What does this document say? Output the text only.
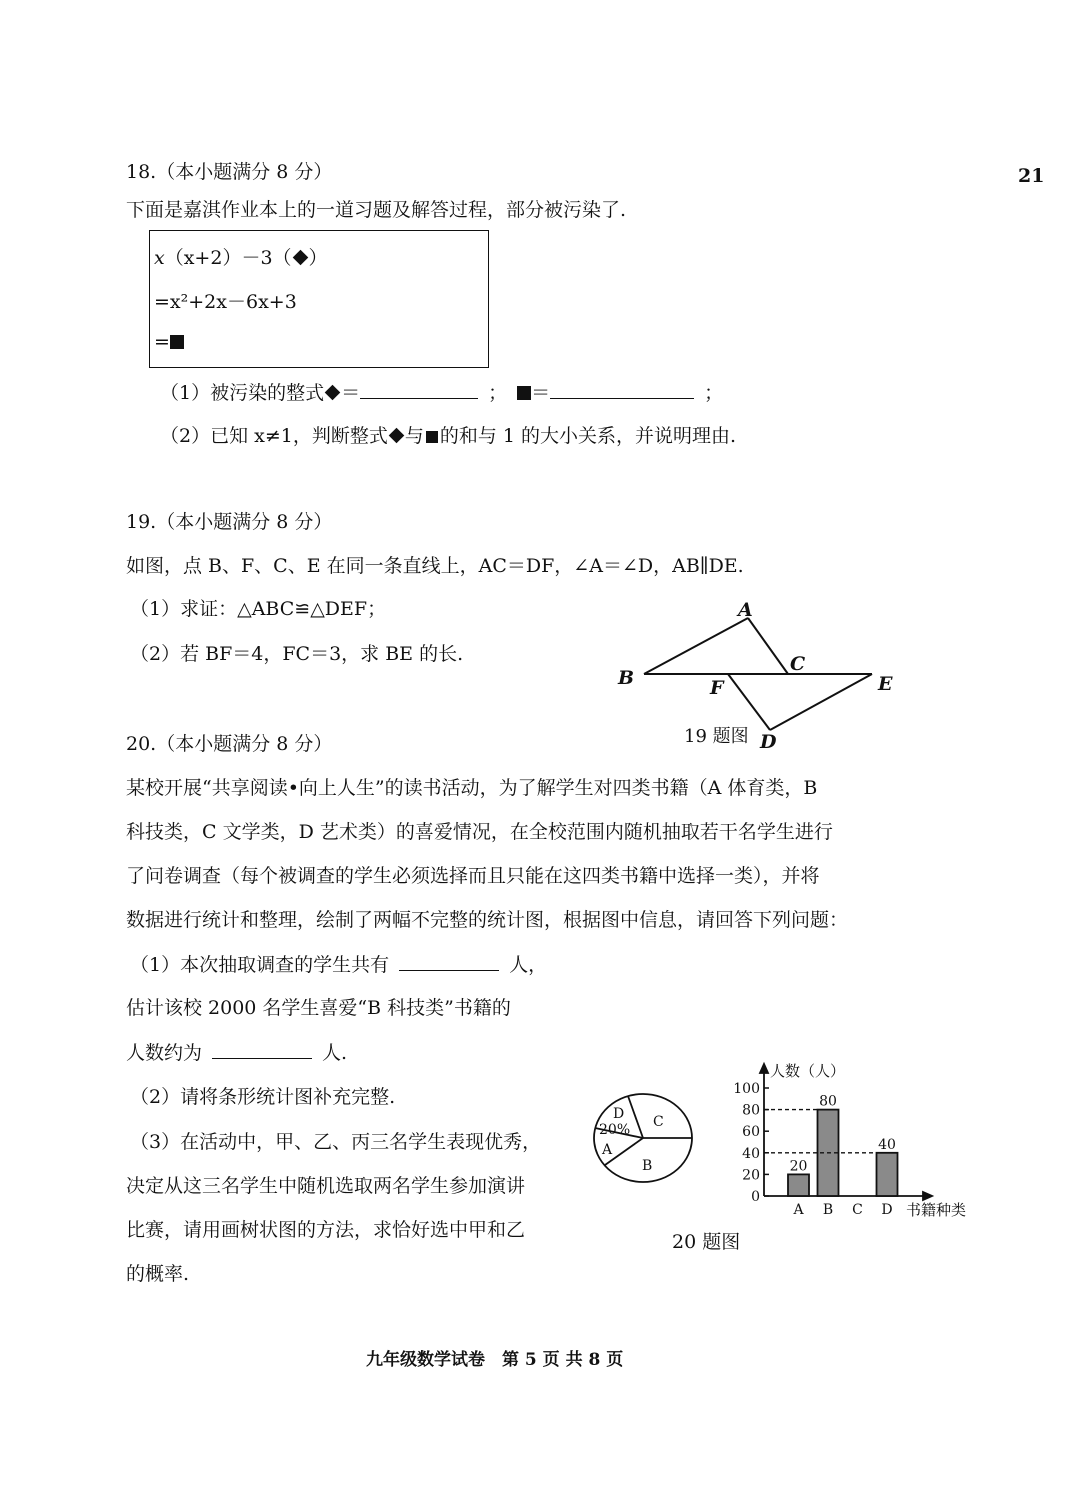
21
18.（本小题满分 8 分）
下面是嘉淇作业本上的一道习题及解答过程，部分被污染了.
x（x+2）－3（ ）
=x²+2x－6x+3
=
（1）被污染的整式 ＝	； ＝	；
（2）已知 x≠1，判断整式 与 的和与 1 的大小关系，并说明理由.
19.（本小题满分 8 分）
如图，点 B、F、C、E 在同一条直线上，AC＝DF，∠A＝∠D，AB∥DE.
（1）求证：△ABC≌△DEF；
（2）若 BF＝4，FC＝3，求 BE 的长.
A
B
C
D
E
F
19 题图
20.（本小题满分 8 分）
某校开展“共享阅读•向上人生”的读书活动，为了解学生对四类书籍（A 体育类，B
科技类，C 文学类，D 艺术类）的喜爱情况，在全校范围内随机抽取若干名学生进行
了问卷调查（每个被调查的学生必须选择而且只能在这四类书籍中选择一类），并将
数据进行统计和整理，绘制了两幅不完整的统计图，根据图中信息，请回答下列问题：
（1）本次抽取调查的学生共有	人，
估计该校 2000 名学生喜爱“B 科技类”书籍的
人数约为	人.
（2）请将条形统计图补充完整.
（3）在活动中，甲、乙、丙三名学生表现优秀，
决定从这三名学生中随机选取两名学生参加演讲
比赛，请用画树状图的方法，求恰好选中甲和乙
的概率.
D C
B
A
20%
人数（人）
书籍种类
0
20
40
60
80
100
A
20
B
80
C D
40
20 题图
九年级数学试卷　第 5 页 共 8 页
